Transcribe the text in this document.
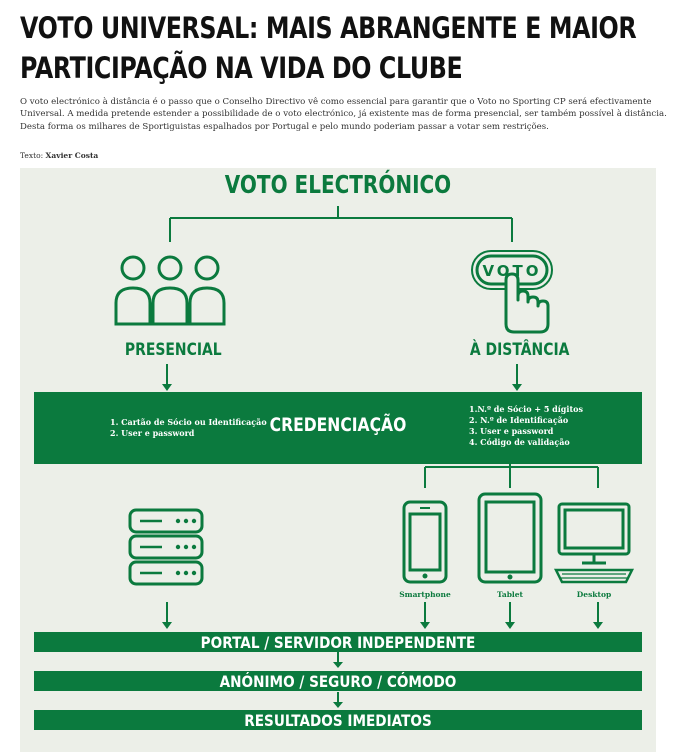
VOTO UNIVERSAL: MAIS ABRANGENTE E MAIOR
PARTICIPAÇÃO NA VIDA DO CLUBE

O voto electrónico à distância é o passo que o Conselho Directivo vê como essencial para garantir que o Voto no Sporting CP será efectivamente Universal. A medida pretende estender a possibilidade de o voto electrónico, já existente mas de forma presencial, ser também possível à distância. Desta forma os milhares de Sportiguistas espalhados por Portugal e pelo mundo poderiam passar a votar sem restrições.

Texto: Xavier Costa

VOTO ELECTRÓNICO
VOTO
PRESENCIAL	À DISTÂNCIA
1. Cartão de Sócio ou Identificação
2. User e password	CREDENCIAÇÃO
1.N.º de Sócio + 5 dígitos
2. N.º de Identificação
3. User e password
4. Código de validação
Smartphone	Tablet	Desktop
PORTAL / SERVIDOR INDEPENDENTE
ANÓNIMO / SEGURO / CÓMODO
RESULTADOS IMEDIATOS
